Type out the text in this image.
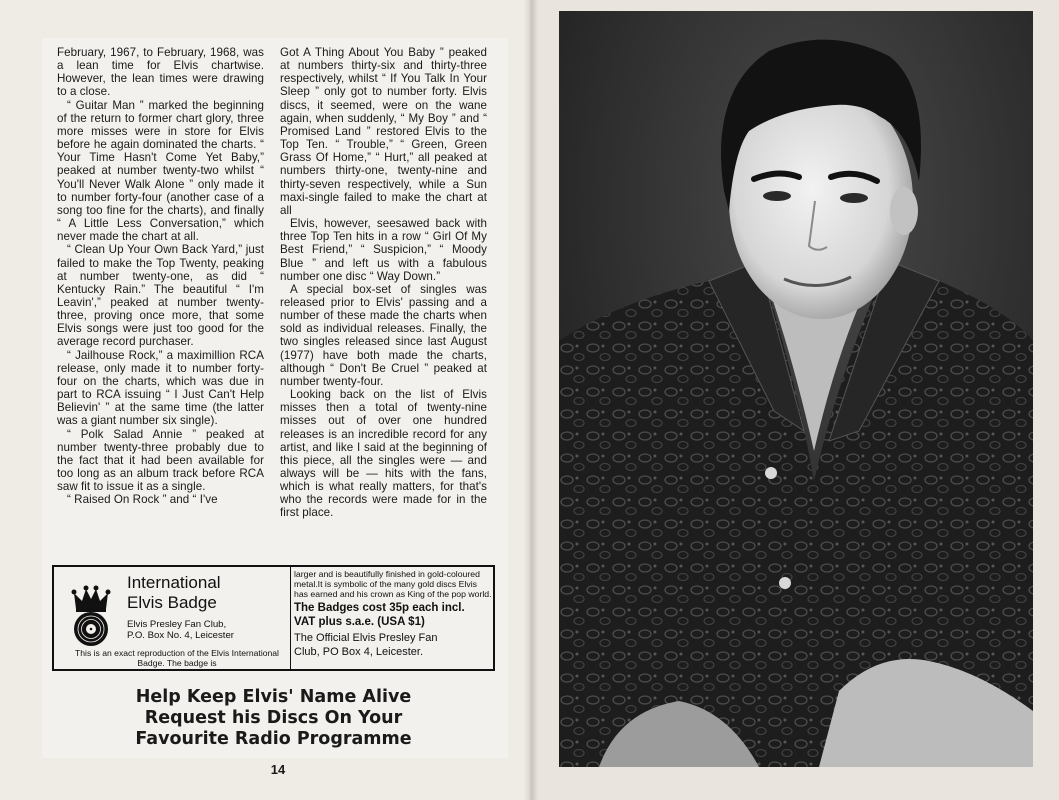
February, 1967, to February, 1968, was a lean time for Elvis chartwise. However, the lean times were drawing to a close.

“ Guitar Man ” marked the beginning of the return to former chart glory, three more misses were in store for Elvis before he again dominated the charts. “ Your Time Hasn't Come Yet Baby,” peaked at number twenty-two whilst “ You'll Never Walk Alone ” only made it to number forty-four (another case of a song too fine for the charts), and finally “ A Little Less Conversation,” which never made the chart at all.

“ Clean Up Your Own Back Yard,” just failed to make the Top Twenty, peaking at number twenty-one, as did “ Kentucky Rain.” The beautiful “ I'm Leavin',” peaked at number twenty-three, proving once more, that some Elvis songs were just too good for the average record purchaser.

“ Jailhouse Rock,” a maximillion RCA release, only made it to number forty-four on the charts, which was due in part to RCA issuing “ I Just Can't Help Believin' ” at the same time (the latter was a giant number six single).

“ Polk Salad Annie ” peaked at number twenty-three probably due to the fact that it had been available for too long as an album track before RCA saw fit to issue it as a single.

“ Raised On Rock ” and “ I've

Got A Thing About You Baby ” peaked at numbers thirty-six and thirty-three respectively, whilst “ If You Talk In Your Sleep ” only got to number forty. Elvis discs, it seemed, were on the wane again, when suddenly, “ My Boy ” and “ Promised Land ” restored Elvis to the Top Ten. “ Trouble,” “ Green, Green Grass Of Home,” “ Hurt,” all peaked at numbers thirty-one, twenty-nine and thirty-seven respectively, while a Sun maxi-single failed to make the chart at all

Elvis, however, seesawed back with three Top Ten hits in a row “ Girl Of My Best Friend,” “ Suspicion,” “ Moody Blue ” and left us with a fabulous number one disc “ Way Down.”

A special box-set of singles was released prior to Elvis' passing and a number of these made the charts when sold as individual releases. Finally, the two singles released since last August (1977) have both made the charts, although “ Don't Be Cruel ” peaked at number twenty-four.

Looking back on the list of Elvis misses then a total of twenty-nine misses out of over one hundred releases is an incredible record for any artist, and like I said at the beginning of this piece, all the singles were — and always will be — hits with the fans, which is what really matters, for that's who the records were made for in the first place.

International
Elvis Badge
Elvis Presley Fan Club,
P.O. Box No. 4, Leicester
This is an exact reproduction of the Elvis International Badge. The badge is
larger and is beautifully finished in gold-coloured metal.It is symbolic of the many gold discs Elvis has earned and his crown as King of the pop world.
The Badges cost 35p each incl.
VAT plus s.a.e. (USA $1)
The Official Elvis Presley Fan
Club, PO Box 4, Leicester.
Help Keep Elvis' Name Alive
Request his Discs On Your
Favourite Radio Programme
14
